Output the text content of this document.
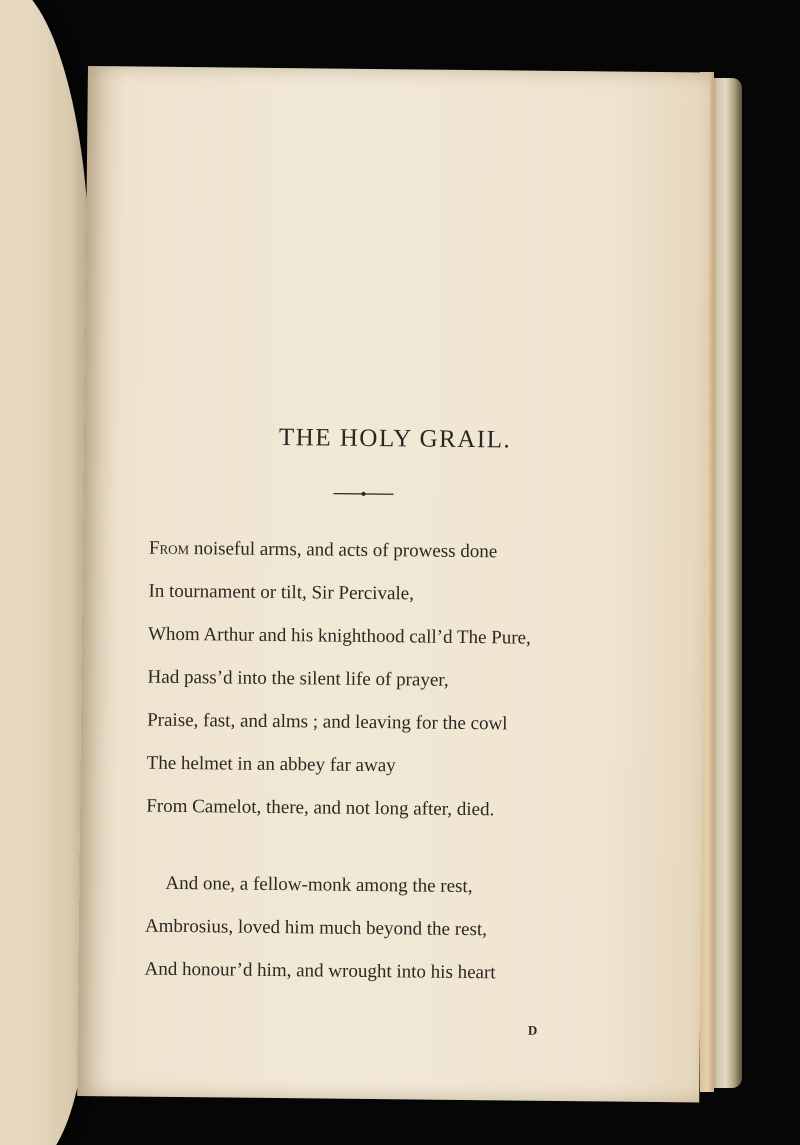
THE HOLY GRAIL.
From noiseful arms, and acts of prowess done
In tournament or tilt, Sir Percivale,
Whom Arthur and his knighthood call’d The Pure,
Had pass’d into the silent life of prayer,
Praise, fast, and alms ; and leaving for the cowl
The helmet in an abbey far away
From Camelot, there, and not long after, died.
And one, a fellow-monk among the rest,
Ambrosius, loved him much beyond the rest,
And honour’d him, and wrought into his heart
D
